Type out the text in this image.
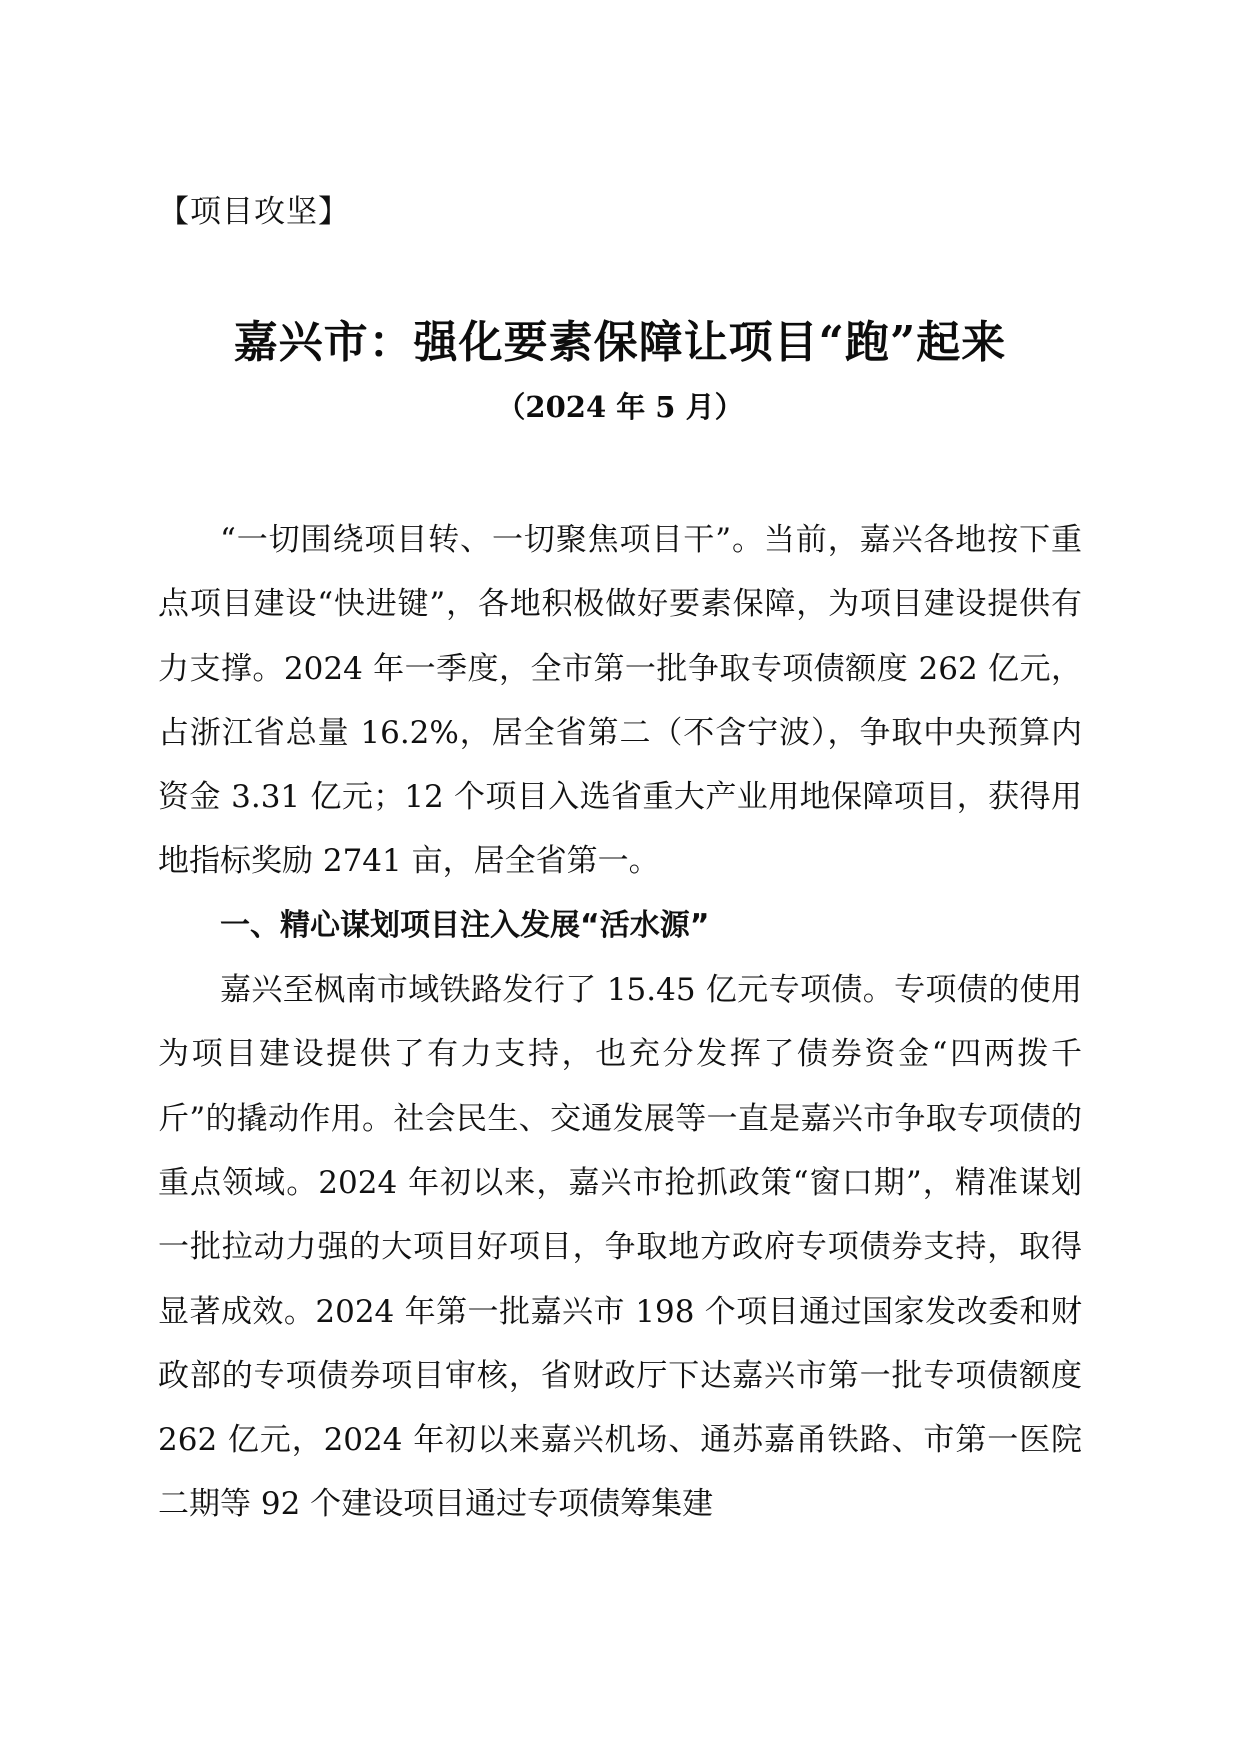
【项目攻坚】
嘉兴市：强化要素保障让项目“跑”起来
（2024 年 5 月）

“一切围绕项目转、一切聚焦项目干”。当前，嘉兴各地按下重点项目建设“快进键”，各地积极做好要素保障，为项目建设提供有力支撑。2024 年一季度，全市第一批争取专项债额度 262 亿元，占浙江省总量 16.2%，居全省第二（不含宁波），争取中央预算内资金 3.31 亿元；12 个项目入选省重大产业用地保障项目，获得用地指标奖励 2741 亩，居全省第一。

一、精心谋划项目注入发展“活水源”

嘉兴至枫南市域铁路发行了 15.45 亿元专项债。专项债的使用为项目建设提供了有力支持，也充分发挥了债券资金“四两拨千斤”的撬动作用。社会民生、交通发展等一直是嘉兴市争取专项债的重点领域。2024 年初以来，嘉兴市抢抓政策“窗口期”，精准谋划一批拉动力强的大项目好项目，争取地方政府专项债券支持，取得显著成效。2024 年第一批嘉兴市 198 个项目通过国家发改委和财政部的专项债券项目审核，省财政厅下达嘉兴市第一批专项债额度 262 亿元，2024 年初以来嘉兴机场、通苏嘉甬铁路、市第一医院二期等 92 个建设项目通过专项债筹集建
